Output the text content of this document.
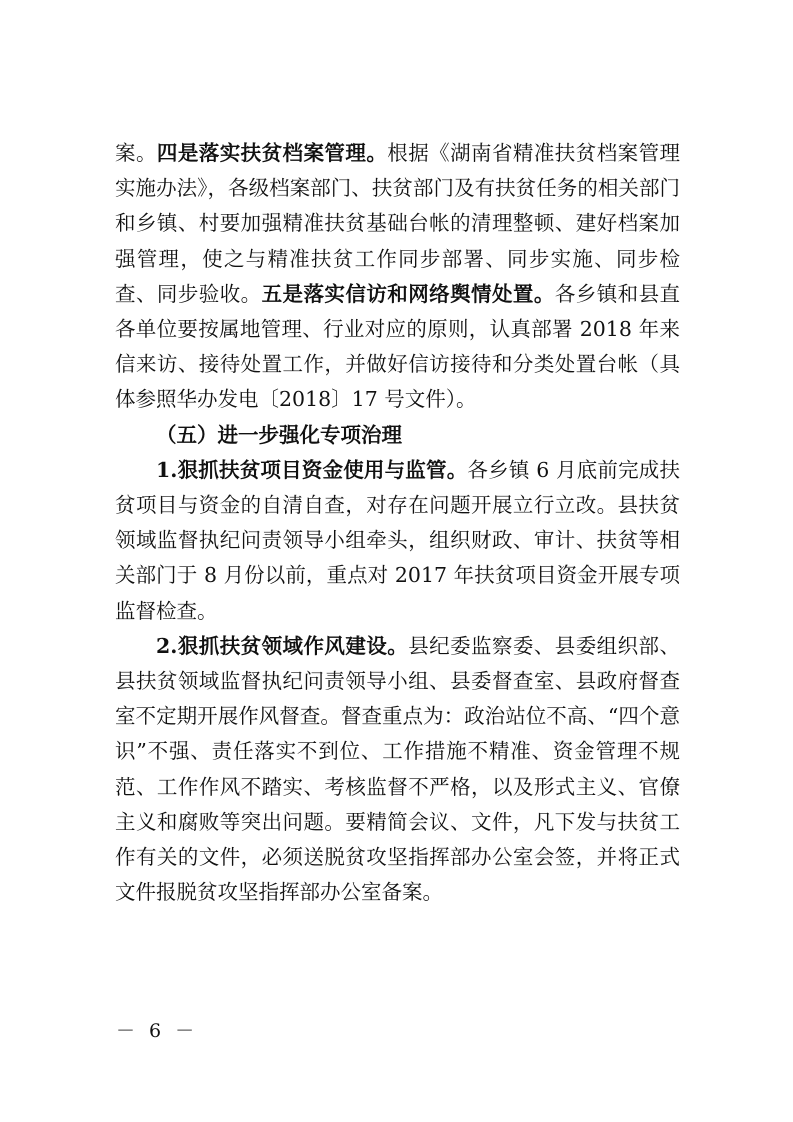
案。四是落实扶贫档案管理。根据《湖南省精准扶贫档案管理实施办法》，各级档案部门、扶贫部门及有扶贫任务的相关部门和乡镇、村要加强精准扶贫基础台帐的清理整顿、建好档案加强管理，使之与精准扶贫工作同步部署、同步实施、同步检查、同步验收。五是落实信访和网络舆情处置。各乡镇和县直各单位要按属地管理、行业对应的原则，认真部署 2018 年来信来访、接待处置工作，并做好信访接待和分类处置台帐（具体参照华办发电〔2018〕17 号文件）。

（五）进一步强化专项治理

1.狠抓扶贫项目资金使用与监管。各乡镇 6 月底前完成扶贫项目与资金的自清自查，对存在问题开展立行立改。县扶贫领域监督执纪问责领导小组牵头，组织财政、审计、扶贫等相关部门于 8 月份以前，重点对 2017 年扶贫项目资金开展专项监督检查。

2.狠抓扶贫领域作风建设。县纪委监察委、县委组织部、县扶贫领域监督执纪问责领导小组、县委督查室、县政府督查室不定期开展作风督查。督查重点为：政治站位不高、“四个意识”不强、责任落实不到位、工作措施不精准、资金管理不规范、工作作风不踏实、考核监督不严格，以及形式主义、官僚主义和腐败等突出问题。要精简会议、文件，凡下发与扶贫工作有关的文件，必须送脱贫攻坚指挥部办公室会签，并将正式文件报脱贫攻坚指挥部办公室备案。

－ 6 －
